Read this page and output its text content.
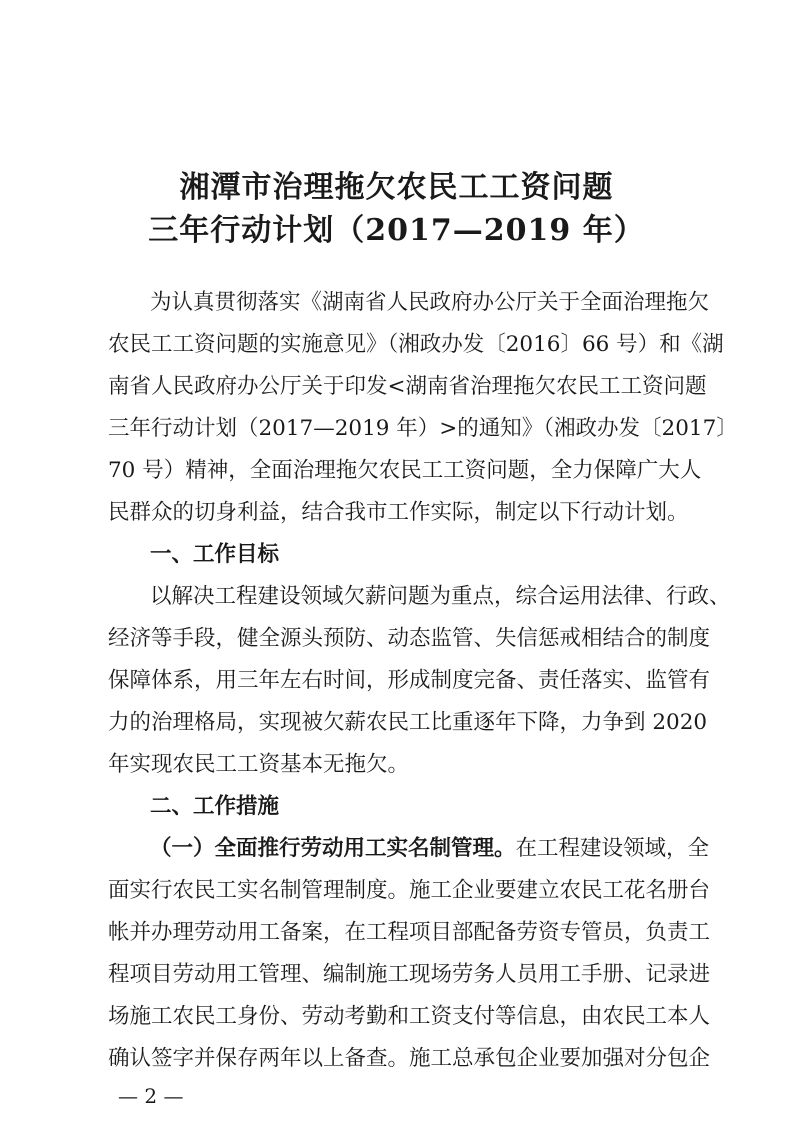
湘潭市治理拖欠农民工工资问题
三年行动计划（2017—2019 年）
为认真贯彻落实《湖南省人民政府办公厅关于全面治理拖欠
农民工工资问题的实施意见》（湘政办发〔2016〕66 号）和《湖
南省人民政府办公厅关于印发<湖南省治理拖欠农民工工资问题
三年行动计划（2017—2019 年）>的通知》（湘政办发〔2017〕
70 号）精神，全面治理拖欠农民工工资问题，全力保障广大人
民群众的切身利益，结合我市工作实际，制定以下行动计划。
一、工作目标
以解决工程建设领域欠薪问题为重点，综合运用法律、行政、
经济等手段，健全源头预防、动态监管、失信惩戒相结合的制度
保障体系，用三年左右时间，形成制度完备、责任落实、监管有
力的治理格局，实现被欠薪农民工比重逐年下降，力争到 2020
年实现农民工工资基本无拖欠。
二、工作措施
（一）全面推行劳动用工实名制管理。在工程建设领域，全
面实行农民工实名制管理制度。施工企业要建立农民工花名册台
帐并办理劳动用工备案，在工程项目部配备劳资专管员，负责工
程项目劳动用工管理、编制施工现场劳务人员用工手册、记录进
场施工农民工身份、劳动考勤和工资支付等信息，由农民工本人
确认签字并保存两年以上备查。施工总承包企业要加强对分包企
— 2 —
